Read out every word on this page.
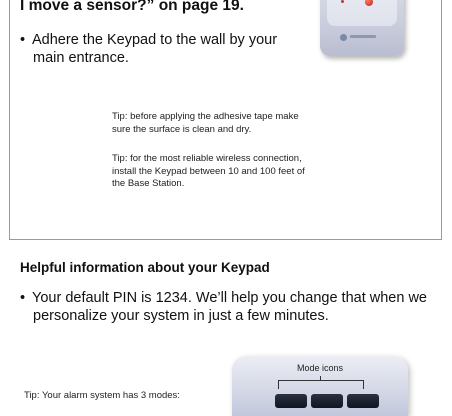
I move a sensor?” on page 19.
• Adhere the Keypad to the wall by your

main entrance.
Tip: before applying the adhesive tape make
sure the surface is clean and dry.
Tip: for the most reliable wireless connection,
install the Keypad between 10 and 100 feet of
the Base Station.
Helpful information about your Keypad
• Your default PIN is 1234. We’ll help you change that when we

personalize your system in just a few minutes.
Tip: Your alarm system has 3 modes:
Mode icons
